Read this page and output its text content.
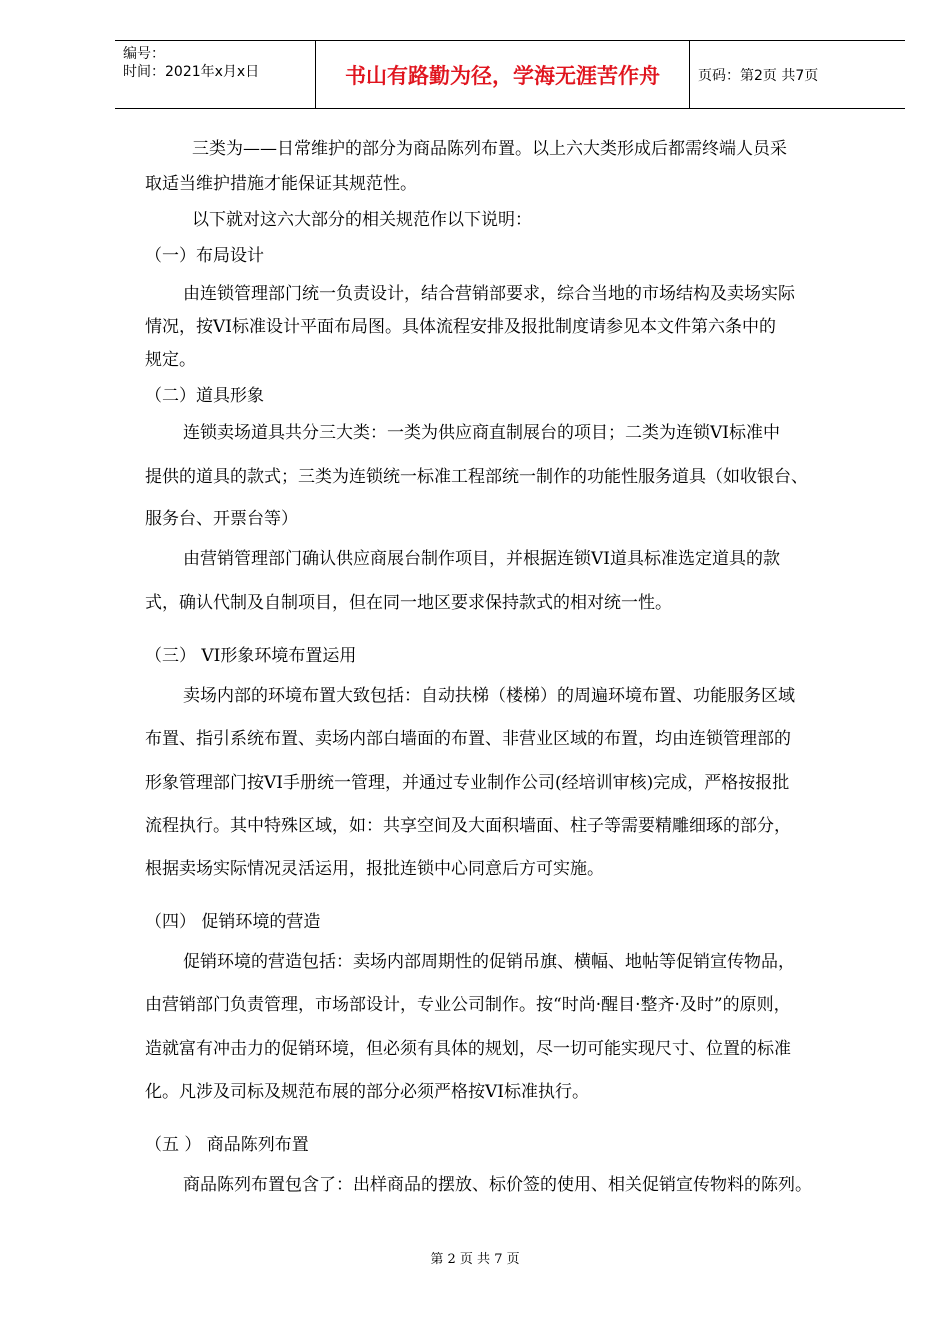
编号：
时间：2021年x月x日	书山有路勤为径，学海无涯苦作舟	页码：第2页 共7页
三类为——日常维护的部分为商品陈列布置。以上六大类形成后都需终端人员采
取适当维护措施才能保证其规范性。
以下就对这六大部分的相关规范作以下说明：
（一）布局设计
由连锁管理部门统一负责设计，结合营销部要求，综合当地的市场结构及卖场实际
情况，按VI标准设计平面布局图。具体流程安排及报批制度请参见本文件第六条中的
规定。
（二）道具形象
连锁卖场道具共分三大类：一类为供应商直制展台的项目；二类为连锁VI标准中
提供的道具的款式；三类为连锁统一标准工程部统一制作的功能性服务道具（如收银台、
服务台、开票台等）
由营销管理部门确认供应商展台制作项目，并根据连锁VI道具标准选定道具的款
式，确认代制及自制项目，但在同一地区要求保持款式的相对统一性。
（三） VI形象环境布置运用
卖场内部的环境布置大致包括：自动扶梯（楼梯）的周遍环境布置、功能服务区域
布置、指引系统布置、卖场内部白墙面的布置、非营业区域的布置，均由连锁管理部的
形象管理部门按VI手册统一管理，并通过专业制作公司(经培训审核)完成，严格按报批
流程执行。其中特殊区域，如：共享空间及大面积墙面、柱子等需要精雕细琢的部分，
根据卖场实际情况灵活运用，报批连锁中心同意后方可实施。
（四） 促销环境的营造
促销环境的营造包括：卖场内部周期性的促销吊旗、横幅、地帖等促销宣传物品，
由营销部门负责管理，市场部设计，专业公司制作。按“时尚·醒目·整齐·及时”的原则，
造就富有冲击力的促销环境，但必须有具体的规划，尽一切可能实现尺寸、位置的标准
化。凡涉及司标及规范布展的部分必须严格按VI标准执行。
（五 ） 商品陈列布置
商品陈列布置包含了：出样商品的摆放、标价签的使用、相关促销宣传物料的陈列。
第 2 页 共 7 页
